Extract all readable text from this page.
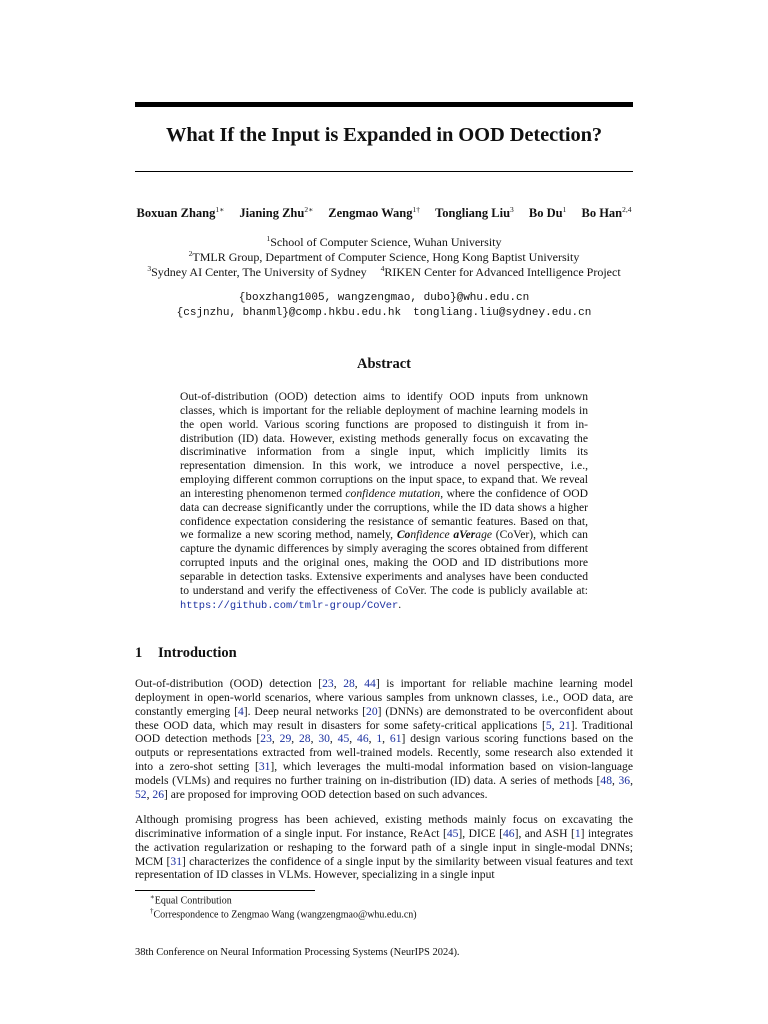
What If the Input is Expanded in OOD Detection?
Boxuan Zhang$^{1∗}$ Jianing Zhu$^{2∗}$ Zengmao Wang$^{1\dagger}$ Tongliang Liu$^3$ Bo Du$^1$ Bo Han$^{2,4}$
$^1$School of Computer Science, Wuhan University
$^2$TMLR Group, Department of Computer Science, Hong Kong Baptist University
$^3$Sydney AI Center, The University of Sydney $^4$RIKEN Center for Advanced Intelligence Project
{boxzhang1005, wangzengmao, dubo}@whu.edu.cn
{csjnzhu, bhanml}@comp.hkbu.edu.hk tongliang.liu@sydney.edu.cn
Abstract
Out-of-distribution (OOD) detection aims to identify OOD inputs from unknown classes, which is important for the reliable deployment of machine learning models in the open world. Various scoring functions are proposed to distinguish it from in-distribution (ID) data. However, existing methods generally focus on excavating the discriminative information from a single input, which implicitly limits its representation dimension. In this work, we introduce a novel perspective, i.e., employing different common corruptions on the input space, to expand that. We reveal an interesting phenomenon termed confidence mutation, where the confidence of OOD data can decrease significantly under the corruptions, while the ID data shows a higher confidence expectation considering the resistance of semantic features. Based on that, we formalize a new scoring method, namely, Confidence aVerage (CoVer), which can capture the dynamic differences by simply averaging the scores obtained from different corrupted inputs and the original ones, making the OOD and ID distributions more separable in detection tasks. Extensive experiments and analyses have been conducted to understand and verify the effectiveness of CoVer. The code is publicly available at: https://github.com/tmlr-group/CoVer.
1 Introduction
Out-of-distribution (OOD) detection [23, 28, 44] is important for reliable machine learning model deployment in open-world scenarios, where various samples from unknown classes, i.e., OOD data, are constantly emerging [4]. Deep neural networks [20] (DNNs) are demonstrated to be overconfident about these OOD data, which may result in disasters for some safety-critical applications [5, 21]. Traditional OOD detection methods [23, 29, 28, 30, 45, 46, 1, 61] design various scoring functions based on the outputs or representations extracted from well-trained models. Recently, some research also extended it into a zero-shot setting [31], which leverages the multi-modal information based on vision-language models (VLMs) and requires no further training on in-distribution (ID) data. A series of methods [48, 36, 52, 26] are proposed for improving OOD detection based on such advances.
Although promising progress has been achieved, existing methods mainly focus on excavating the discriminative information of a single input. For instance, ReAct [45], DICE [46], and ASH [1] integrates the activation regularization or reshaping to the forward path of a single input in single-modal DNNs; MCM [31] characterizes the confidence of a single input by the similarity between visual features and text representation of ID classes in VLMs. However, specializing in a single input
∗Equal Contribution
†Correspondence to Zengmao Wang (wangzengmao@whu.edu.cn)
38th Conference on Neural Information Processing Systems (NeurIPS 2024).
